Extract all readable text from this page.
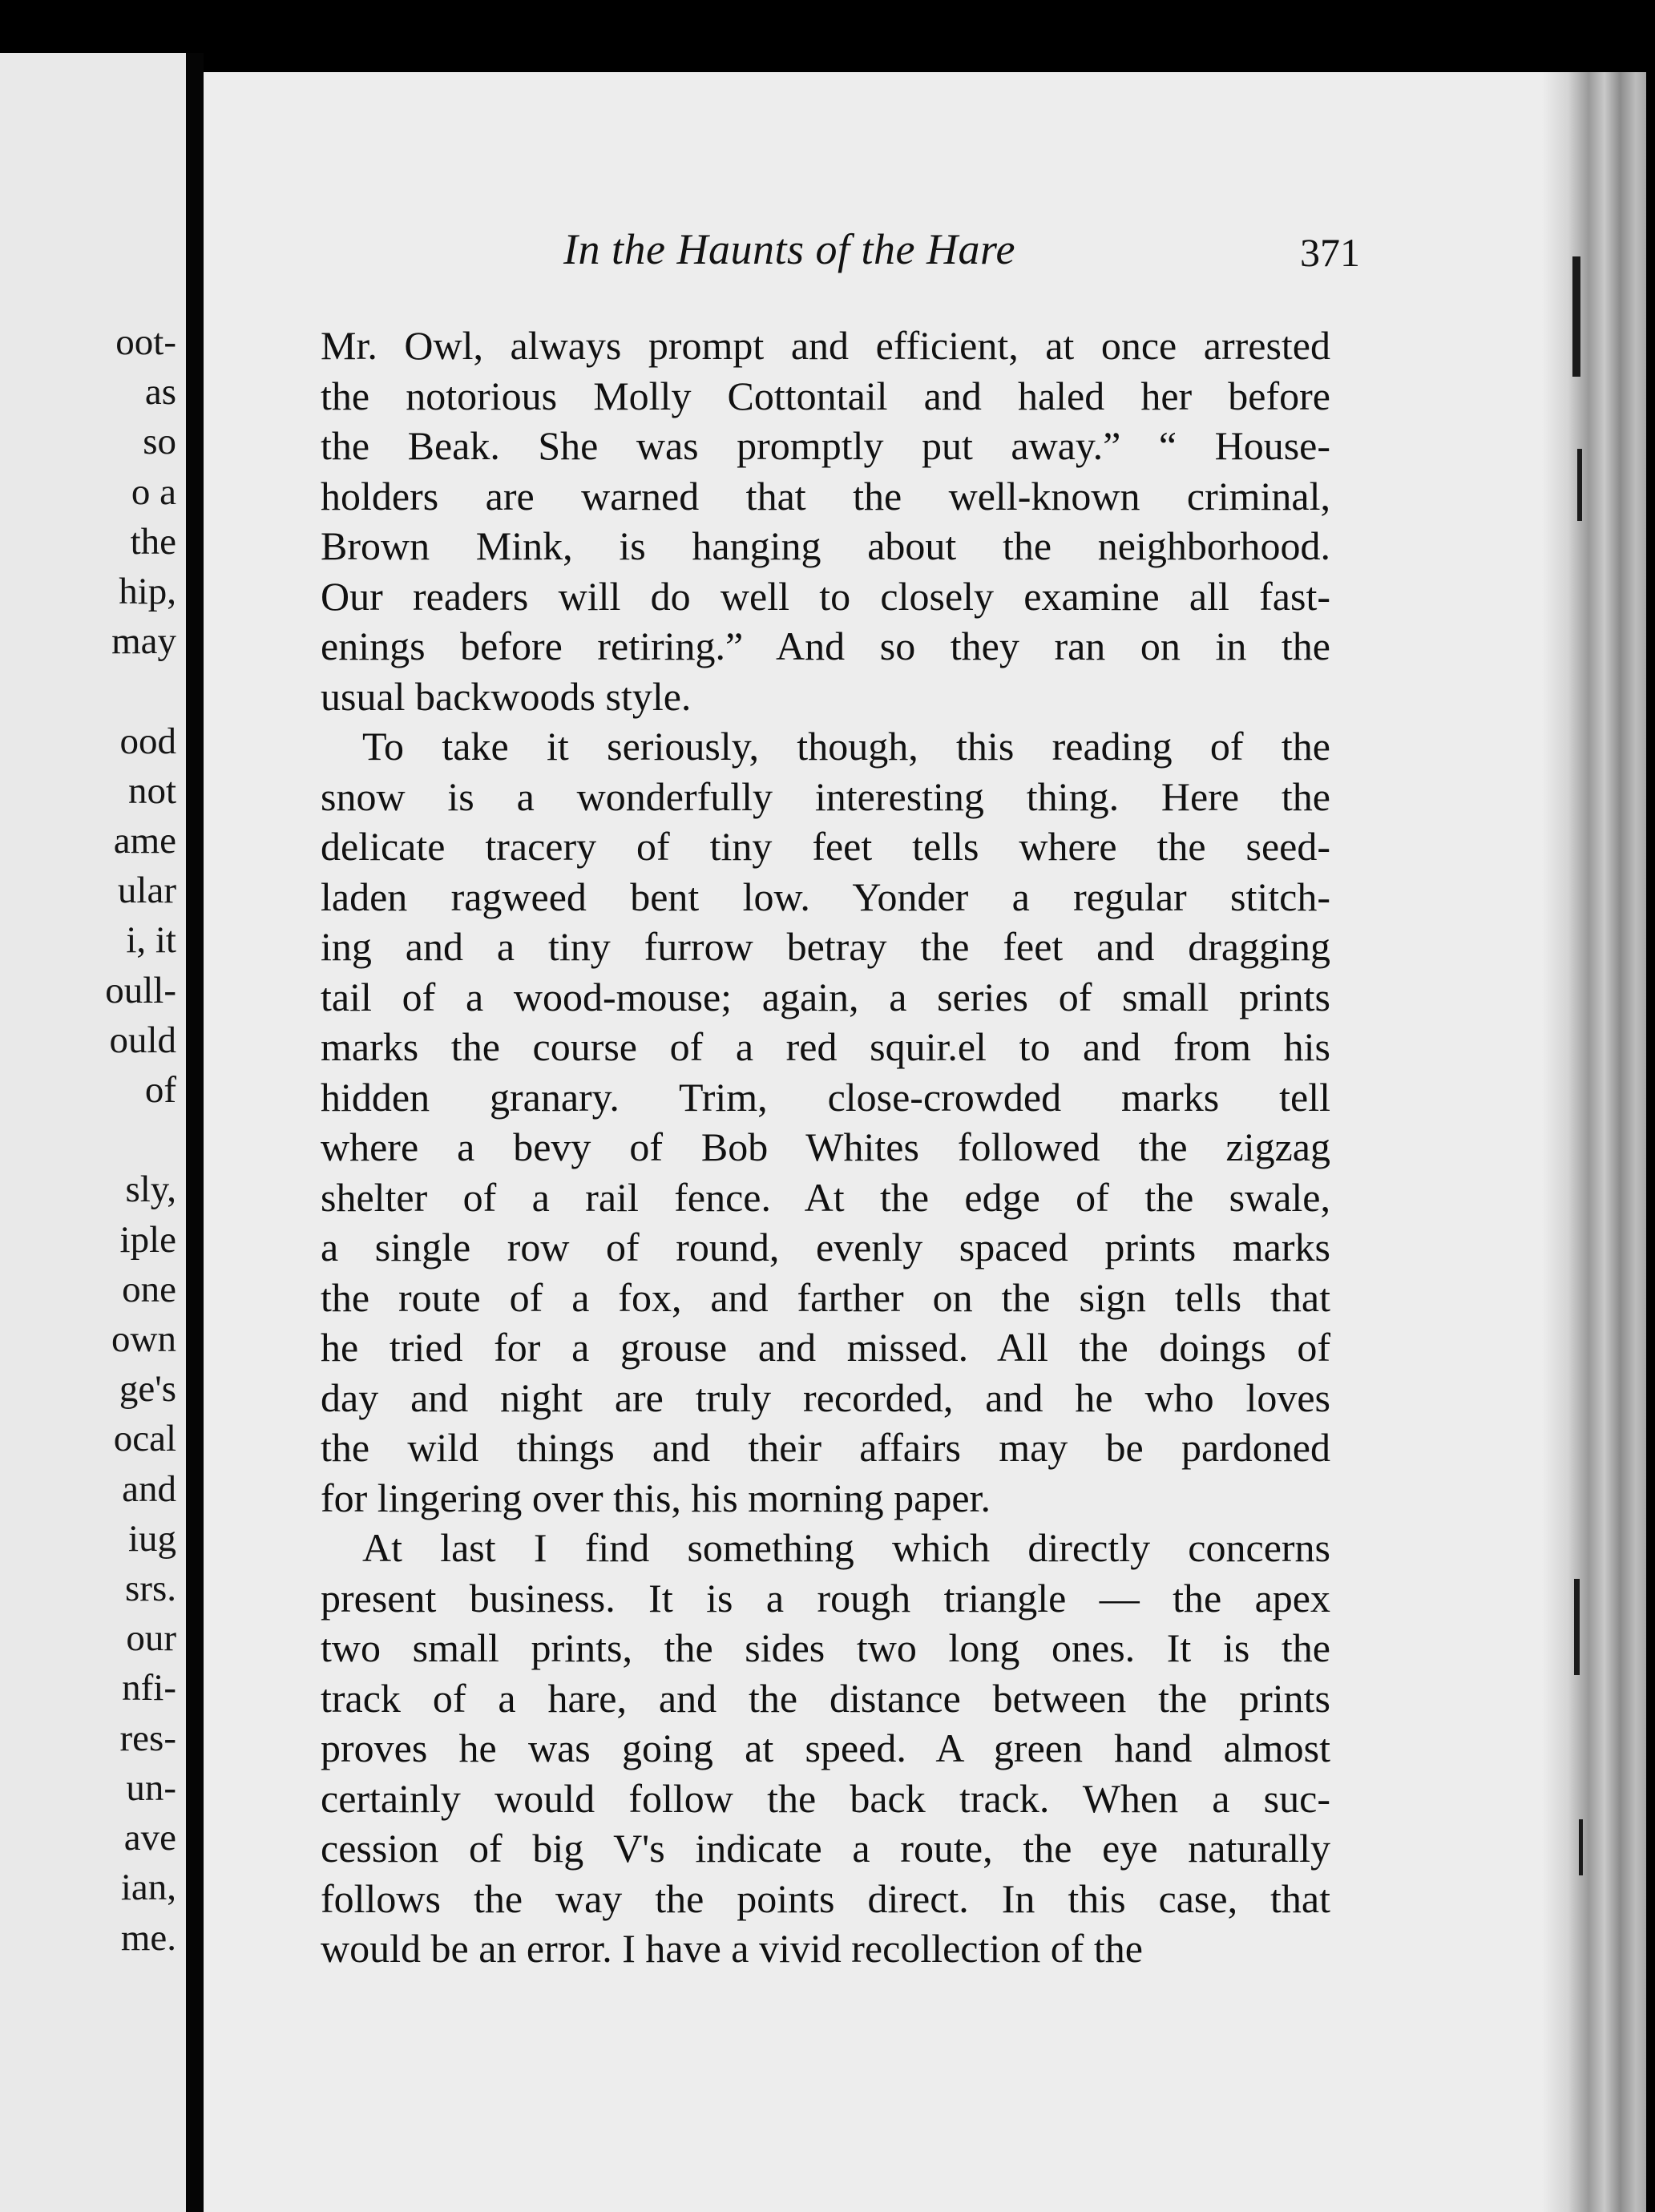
oot-
as
so
o a
the
hip,
may

ood
not
ame
ular
i, it
oull-
ould
of

sly,
iple
one
own
ge's
ocal
and
iug
srs.
our
nfi-
res-
un-
ave
ian,
me.
In the Haunts of the Hare	371
Mr. Owl, always prompt and efficient, at once arrested
the notorious Molly Cottontail and haled her before
the Beak. She was promptly put away.” “ House-
holders are warned that the well-known criminal,
Brown Mink, is hanging about the neighborhood.
Our readers will do well to closely examine all fast-
enings before retiring.” And so they ran on in the
usual backwoods style.
To take it seriously, though, this reading of the
snow is a wonderfully interesting thing. Here the
delicate tracery of tiny feet tells where the seed-
laden ragweed bent low. Yonder a regular stitch-
ing and a tiny furrow betray the feet and dragging
tail of a wood-mouse; again, a series of small prints
marks the course of a red squir.el to and from his
hidden granary. Trim, close-crowded marks tell
where a bevy of Bob Whites followed the zigzag
shelter of a rail fence. At the edge of the swale,
a single row of round, evenly spaced prints marks
the route of a fox, and farther on the sign tells that
he tried for a grouse and missed. All the doings of
day and night are truly recorded, and he who loves
the wild things and their affairs may be pardoned
for lingering over this, his morning paper.
At last I find something which directly concerns
present business. It is a rough triangle — the apex
two small prints, the sides two long ones. It is the
track of a hare, and the distance between the prints
proves he was going at speed. A green hand almost
certainly would follow the back track. When a suc-
cession of big V's indicate a route, the eye naturally
follows the way the points direct. In this case, that
would be an error. I have a vivid recollection of the
